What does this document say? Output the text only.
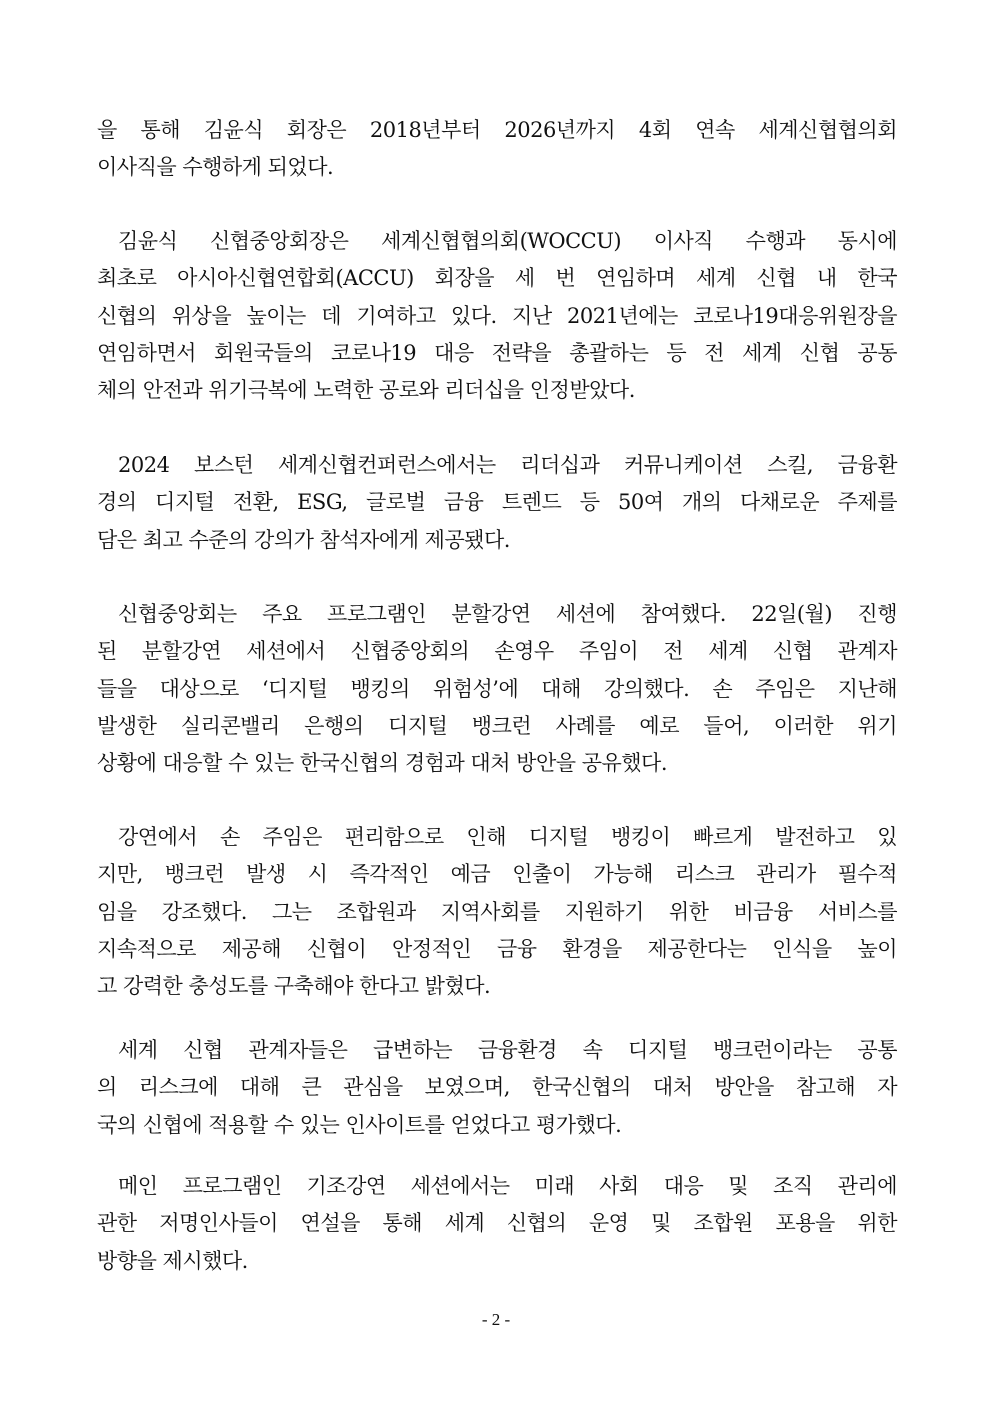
을 통해 김윤식 회장은 2018년부터 2026년까지 4회 연속 세계신협협의회
이사직을 수행하게 되었다.
김윤식 신협중앙회장은 세계신협협의회(WOCCU) 이사직 수행과 동시에
최초로 아시아신협연합회(ACCU) 회장을 세 번 연임하며 세계 신협 내 한국
신협의 위상을 높이는 데 기여하고 있다. 지난 2021년에는 코로나19대응위원장을
연임하면서 회원국들의 코로나19 대응 전략을 총괄하는 등 전 세계 신협 공동
체의 안전과 위기극복에 노력한 공로와 리더십을 인정받았다.
2024 보스턴 세계신협컨퍼런스에서는 리더십과 커뮤니케이션 스킬, 금융환
경의 디지털 전환, ESG, 글로벌 금융 트렌드 등 50여 개의 다채로운 주제를
담은 최고 수준의 강의가 참석자에게 제공됐다.
신협중앙회는 주요 프로그램인 분할강연 세션에 참여했다. 22일(월) 진행
된 분할강연 세션에서 신협중앙회의 손영우 주임이 전 세계 신협 관계자
들을 대상으로 ‘디지털 뱅킹의 위험성’에 대해 강의했다. 손 주임은 지난해
발생한 실리콘밸리 은행의 디지털 뱅크런 사례를 예로 들어, 이러한 위기
상황에 대응할 수 있는 한국신협의 경험과 대처 방안을 공유했다.
강연에서 손 주임은 편리함으로 인해 디지털 뱅킹이 빠르게 발전하고 있
지만, 뱅크런 발생 시 즉각적인 예금 인출이 가능해 리스크 관리가 필수적
임을 강조했다. 그는 조합원과 지역사회를 지원하기 위한 비금융 서비스를
지속적으로 제공해 신협이 안정적인 금융 환경을 제공한다는 인식을 높이
고 강력한 충성도를 구축해야 한다고 밝혔다.
세계 신협 관계자들은 급변하는 금융환경 속 디지털 뱅크런이라는 공통
의 리스크에 대해 큰 관심을 보였으며, 한국신협의 대처 방안을 참고해 자
국의 신협에 적용할 수 있는 인사이트를 얻었다고 평가했다.
메인 프로그램인 기조강연 세션에서는 미래 사회 대응 및 조직 관리에
관한 저명인사들이 연설을 통해 세계 신협의 운영 및 조합원 포용을 위한
방향을 제시했다.
- 2 -
